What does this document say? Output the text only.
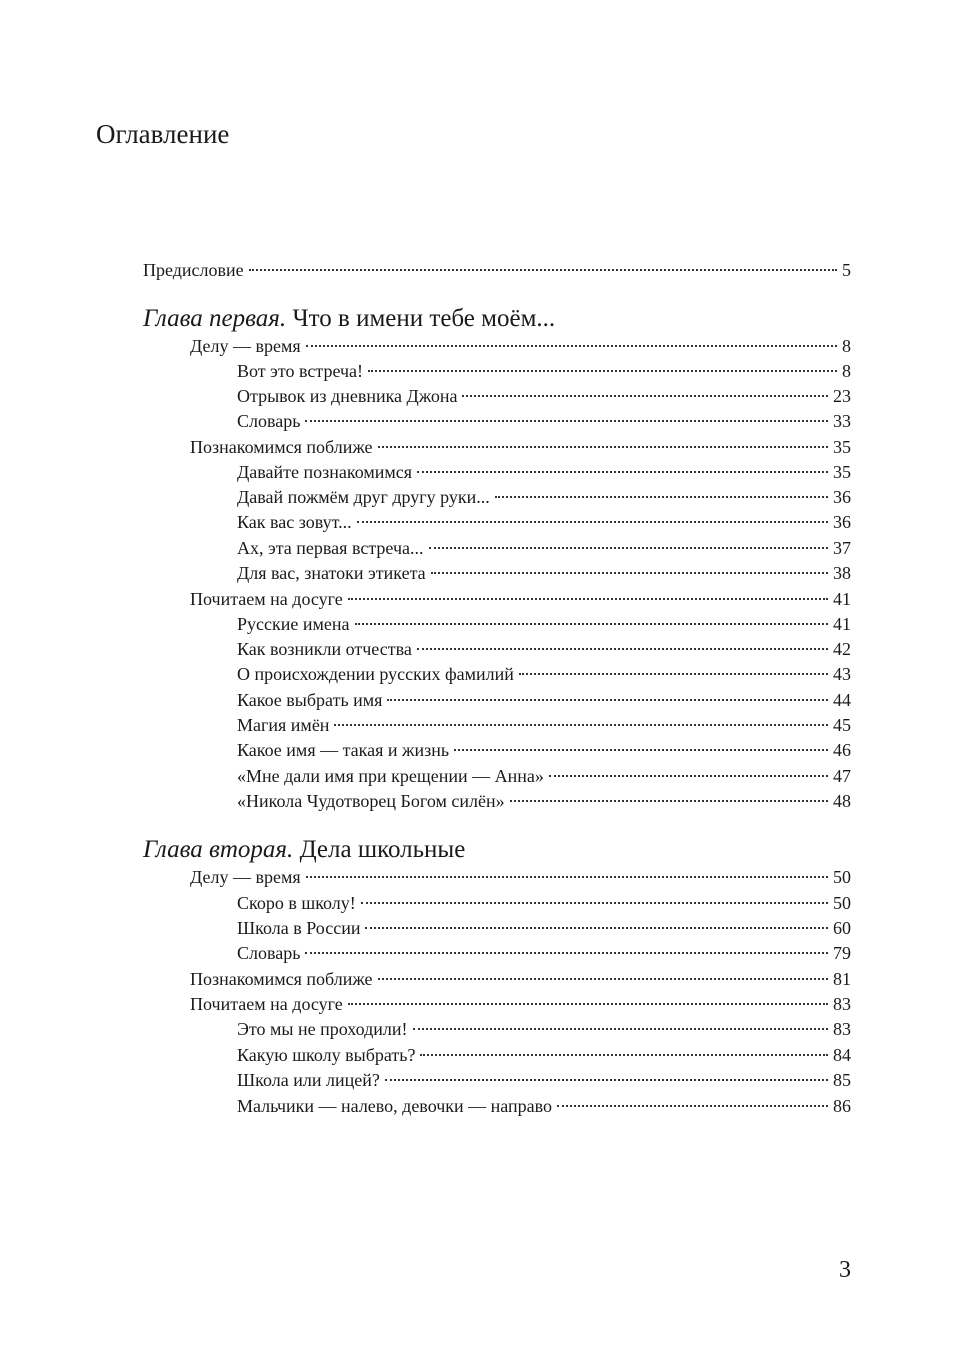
Оглавление
Предисловие	5
Глава первая. Что в имени тебе моём...
Делу — время	8
Вот это встреча!	8
Отрывок из дневника Джона	23
Словарь	33
Познакомимся поближе	35
Давайте познакомимся	35
Давай пожмём друг другу руки...	36
Как вас зовут...	36
Ах, эта первая встреча...	37
Для вас, знатоки этикета	38
Почитаем на досуге	41
Русские имена	41
Как возникли отчества	42
О происхождении русских фамилий	43
Какое выбрать имя	44
Магия имён	45
Какое имя — такая и жизнь	46
«Мне дали имя при крещении — Анна»	47
«Никола Чудотворец Богом силён»	48
Глава вторая. Дела школьные
Делу — время	50
Скоро в школу!	50
Школа в России	60
Словарь	79
Познакомимся поближе	81
Почитаем на досуге	83
Это мы не проходили!	83
Какую школу выбрать?	84
Школа или лицей?	85
Мальчики — налево, девочки — направо	86
3
